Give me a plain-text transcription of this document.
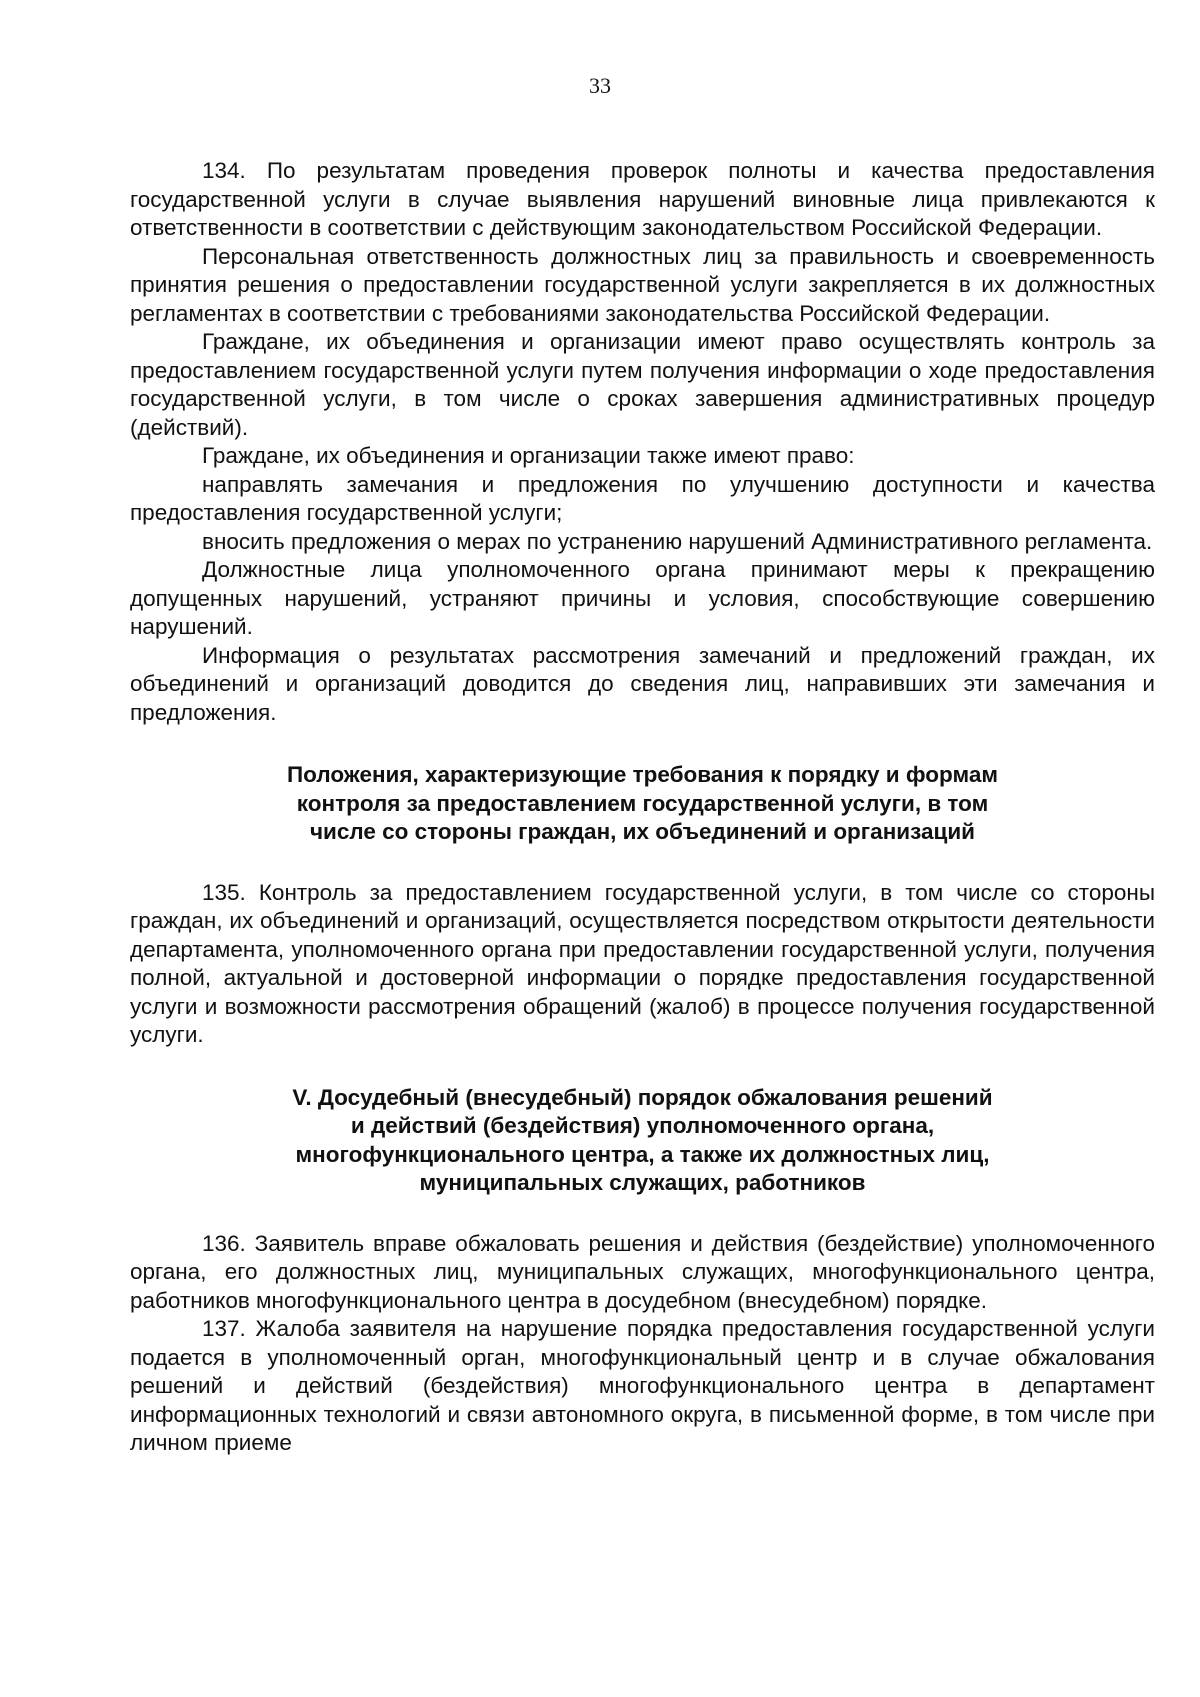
33

134. По результатам проведения проверок полноты и качества предоставления государственной услуги в случае выявления нарушений виновные лица привлекаются к ответственности в соответствии с действующим законодательством Российской Федерации.

Персональная ответственность должностных лиц за правильность и своевременность принятия решения о предоставлении государственной услуги закрепляется в их должностных регламентах в соответствии с требованиями законодательства Российской Федерации.

Граждане, их объединения и организации имеют право осуществлять контроль за предоставлением государственной услуги путем получения информации о ходе предоставления государственной услуги, в том числе о сроках завершения административных процедур (действий).

Граждане, их объединения и организации также имеют право:

направлять замечания и предложения по улучшению доступности и качества предоставления государственной услуги;

вносить предложения о мерах по устранению нарушений Административного регламента.

Должностные лица уполномоченного органа принимают меры к прекращению допущенных нарушений, устраняют причины и условия, способствующие совершению нарушений.

Информация о результатах рассмотрения замечаний и предложений граждан, их объединений и организаций доводится до сведения лиц, направивших эти замечания и предложения.

Положения, характеризующие требования к порядку и формам
контроля за предоставлением государственной услуги, в том
числе со стороны граждан, их объединений и организаций

135. Контроль за предоставлением государственной услуги, в том числе со стороны граждан, их объединений и организаций, осуществляется посредством открытости деятельности департамента, уполномоченного органа при предоставлении государственной услуги, получения полной, актуальной и достоверной информации о порядке предоставления государственной услуги и возможности рассмотрения обращений (жалоб) в процессе получения государственной услуги.

V. Досудебный (внесудебный) порядок обжалования решений
и действий (бездействия) уполномоченного органа,
многофункционального центра, а также их должностных лиц,
муниципальных служащих, работников

136. Заявитель вправе обжаловать решения и действия (бездействие) уполномоченного органа, его должностных лиц, муниципальных служащих, многофункционального центра, работников многофункционального центра в досудебном (внесудебном) порядке.

137. Жалоба заявителя на нарушение порядка предоставления государственной услуги подается в уполномоченный орган, многофункциональный центр и в случае обжалования решений и действий (бездействия) многофункционального центра в департамент информационных технологий и связи автономного округа, в письменной форме, в том числе при личном приеме
